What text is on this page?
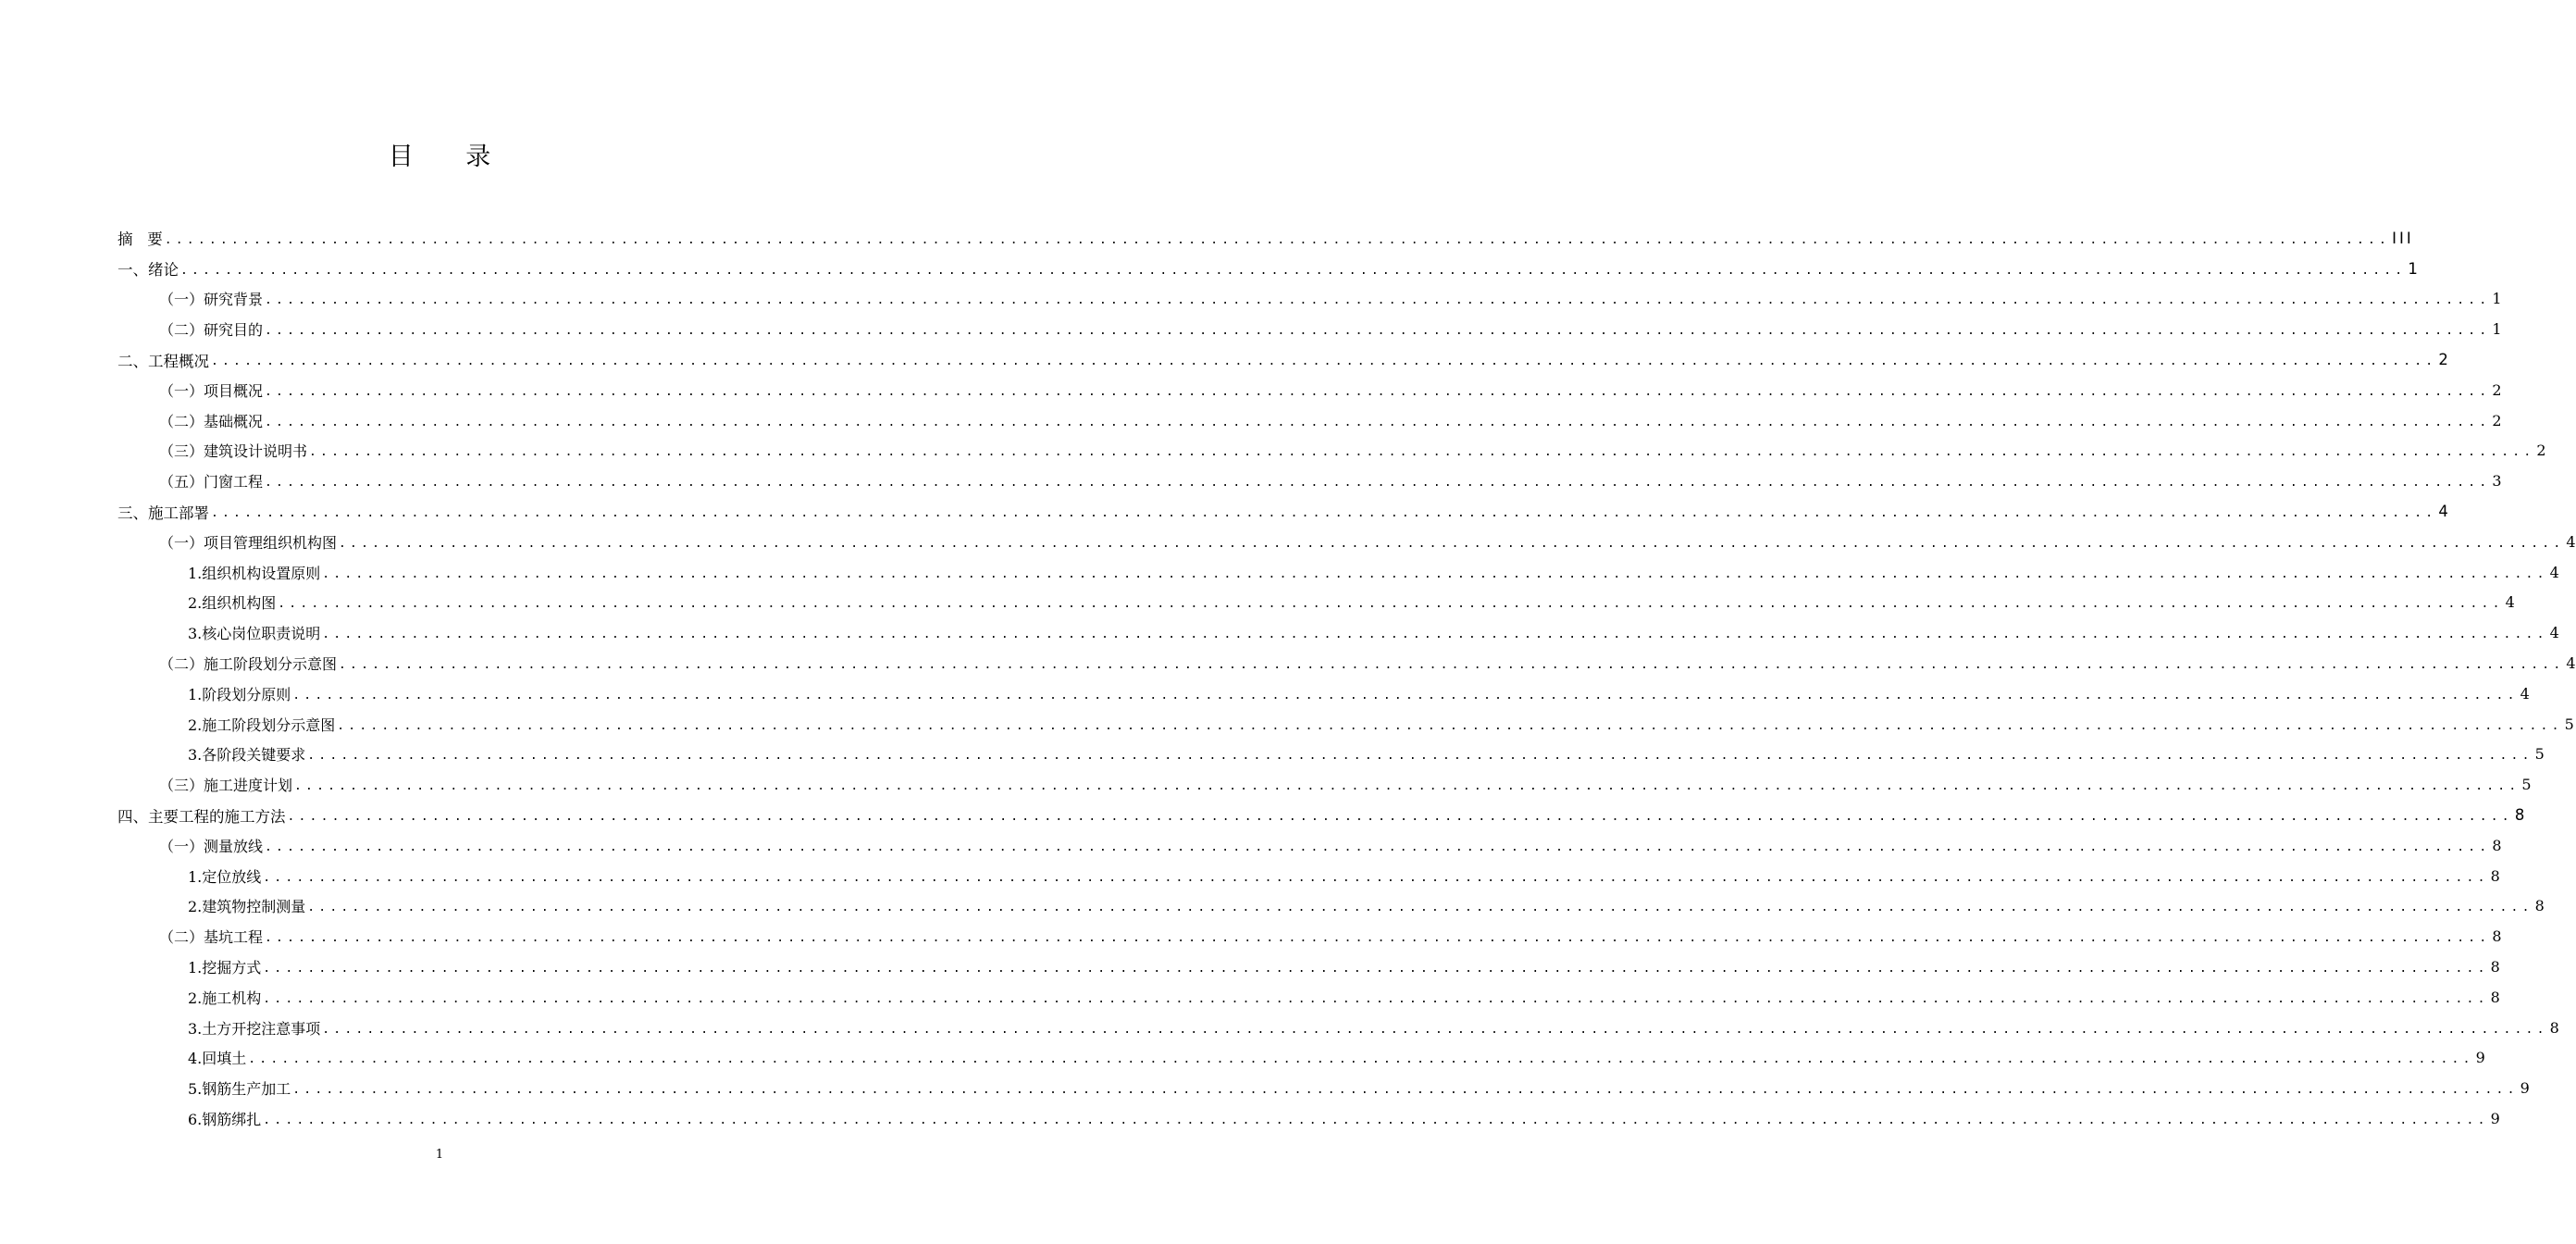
目 录
摘   要 ........................................................................................................................................................................................................ III
一、绪论 ........................................................................................................................................................................................................ 1
（一）研究背景 ........................................................................................................................................................................................................ 1
（二）研究目的 ........................................................................................................................................................................................................ 1
二、工程概况 ........................................................................................................................................................................................................ 2
（一）项目概况 ........................................................................................................................................................................................................ 2
（二）基础概况 ........................................................................................................................................................................................................ 2
（三）建筑设计说明书 ........................................................................................................................................................................................................ 2
（五）门窗工程 ........................................................................................................................................................................................................ 3
三、施工部署 ........................................................................................................................................................................................................ 4
（一）项目管理组织机构图 ........................................................................................................................................................................................................ 4
1.组织机构设置原则 ........................................................................................................................................................................................................ 4
2.组织机构图 ........................................................................................................................................................................................................ 4
3.核心岗位职责说明 ........................................................................................................................................................................................................ 4
（二）施工阶段划分示意图 ........................................................................................................................................................................................................ 4
1.阶段划分原则 ........................................................................................................................................................................................................ 4
2.施工阶段划分示意图 ........................................................................................................................................................................................................ 5
3.各阶段关键要求 ........................................................................................................................................................................................................ 5
（三）施工进度计划 ........................................................................................................................................................................................................ 5
四、主要工程的施工方法 ........................................................................................................................................................................................................ 8
（一）测量放线 ........................................................................................................................................................................................................ 8
1.定位放线 ........................................................................................................................................................................................................ 8
2.建筑物控制测量 ........................................................................................................................................................................................................ 8
（二）基坑工程 ........................................................................................................................................................................................................ 8
1.挖掘方式 ........................................................................................................................................................................................................ 8
2.施工机构 ........................................................................................................................................................................................................ 8
3.土方开挖注意事项 ........................................................................................................................................................................................................ 8
4.回填土 ........................................................................................................................................................................................................ 9
5.钢筋生产加工 ........................................................................................................................................................................................................ 9
6.钢筋绑扎 ........................................................................................................................................................................................................ 9
1
